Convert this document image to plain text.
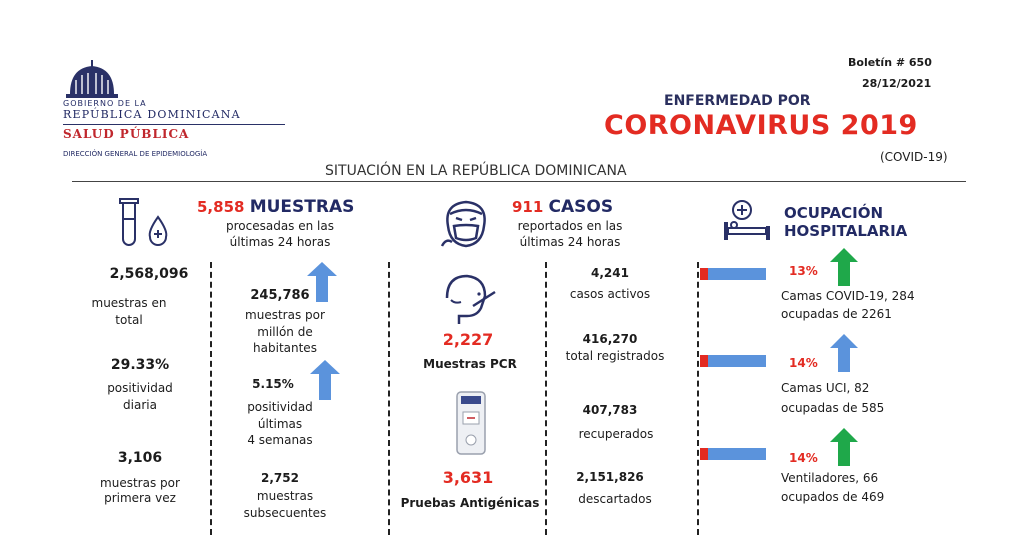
GOBIERNO DE LA
REPÚBLICA DOMINICANA
SALUD PÚBLICA
DIRECCIÓN GENERAL DE EPIDEMIOLOGÍA
Boletín # 650
28/12/2021
ENFERMEDAD POR
CORONAVIRUS 2019
(COVID-19)
SITUACIÓN EN LA REPÚBLICA DOMINICANA
5,858 MUESTRAS
procesadas en las
últimas 24 horas
2,568,096
muestras en
total
29.33%
positividad
diaria
3,106
muestras por
primera vez
245,786
muestras por
millón de
habitantes
5.15%
positividad
últimas
4 semanas
2,752
muestras
subsecuentes
911 CASOS
reportados en las
últimas 24 horas
2,227
Muestras PCR
3,631
Pruebas Antigénicas
4,241
casos activos
416,270
total registrados
407,783
recuperados
2,151,826
descartados
OCUPACIÓN
HOSPITALARIA
13%
Camas COVID-19, 284
ocupadas de 2261
14%
Camas UCI, 82
ocupadas de 585
14%
Ventiladores, 66
ocupados de 469
